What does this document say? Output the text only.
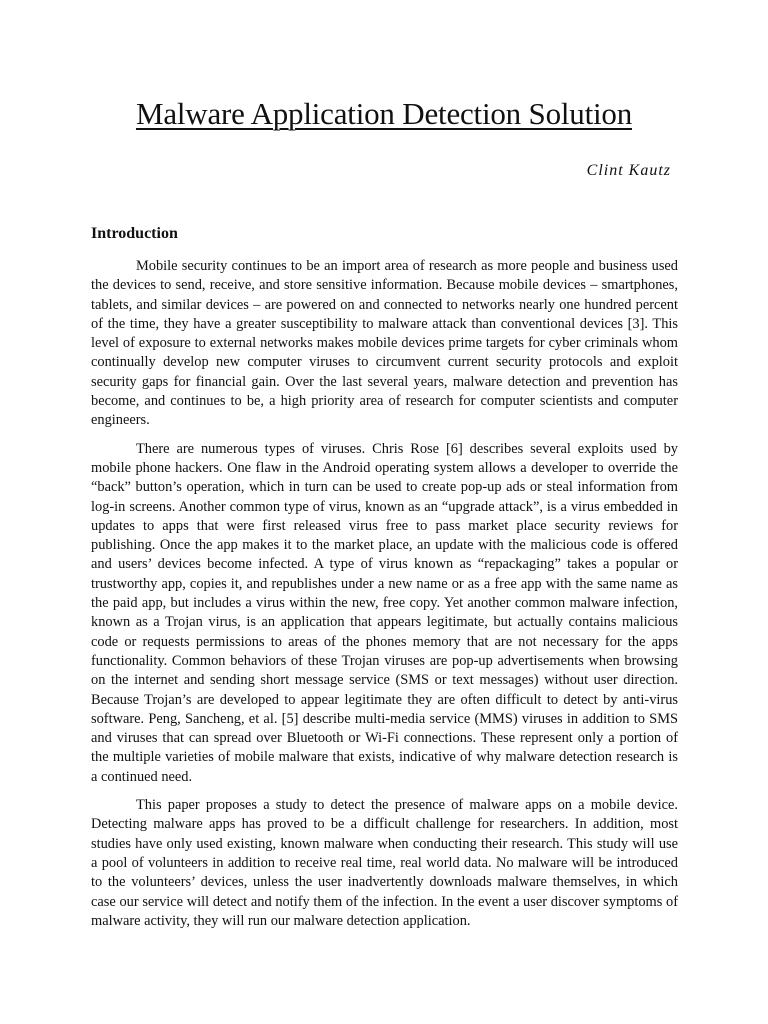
Malware Application Detection Solution

Clint Kautz

Introduction

Mobile security continues to be an import area of research as more people and business used the devices to send, receive, and store sensitive information. Because mobile devices – smartphones, tablets, and similar devices – are powered on and connected to networks nearly one hundred percent of the time, they have a greater susceptibility to malware attack than conventional devices [3]. This level of exposure to external networks makes mobile devices prime targets for cyber criminals whom continually develop new computer viruses to circumvent current security protocols and exploit security gaps for financial gain. Over the last several years, malware detection and prevention has become, and continues to be, a high priority area of research for computer scientists and computer engineers.

There are numerous types of viruses. Chris Rose [6] describes several exploits used by mobile phone hackers. One flaw in the Android operating system allows a developer to override the “back” button’s operation, which in turn can be used to create pop-up ads or steal information from log-in screens. Another common type of virus, known as an “upgrade attack”, is a virus embedded in updates to apps that were first released virus free to pass market place security reviews for publishing. Once the app makes it to the market place, an update with the malicious code is offered and users’ devices become infected. A type of virus known as “repackaging” takes a popular or trustworthy app, copies it, and republishes under a new name or as a free app with the same name as the paid app, but includes a virus within the new, free copy. Yet another common malware infection, known as a Trojan virus, is an application that appears legitimate, but actually contains malicious code or requests permissions to areas of the phones memory that are not necessary for the apps functionality. Common behaviors of these Trojan viruses are pop-up advertisements when browsing on the internet and sending short message service (SMS or text messages) without user direction. Because Trojan’s are developed to appear legitimate they are often difficult to detect by anti-virus software. Peng, Sancheng, et al. [5] describe multi-media service (MMS) viruses in addition to SMS and viruses that can spread over Bluetooth or Wi-Fi connections. These represent only a portion of the multiple varieties of mobile malware that exists, indicative of why malware detection research is a continued need.

This paper proposes a study to detect the presence of malware apps on a mobile device. Detecting malware apps has proved to be a difficult challenge for researchers. In addition, most studies have only used existing, known malware when conducting their research. This study will use a pool of volunteers in addition to receive real time, real world data. No malware will be introduced to the volunteers’ devices, unless the user inadvertently downloads malware themselves, in which case our service will detect and notify them of the infection. In the event a user discover symptoms of malware activity, they will run our malware detection application.
